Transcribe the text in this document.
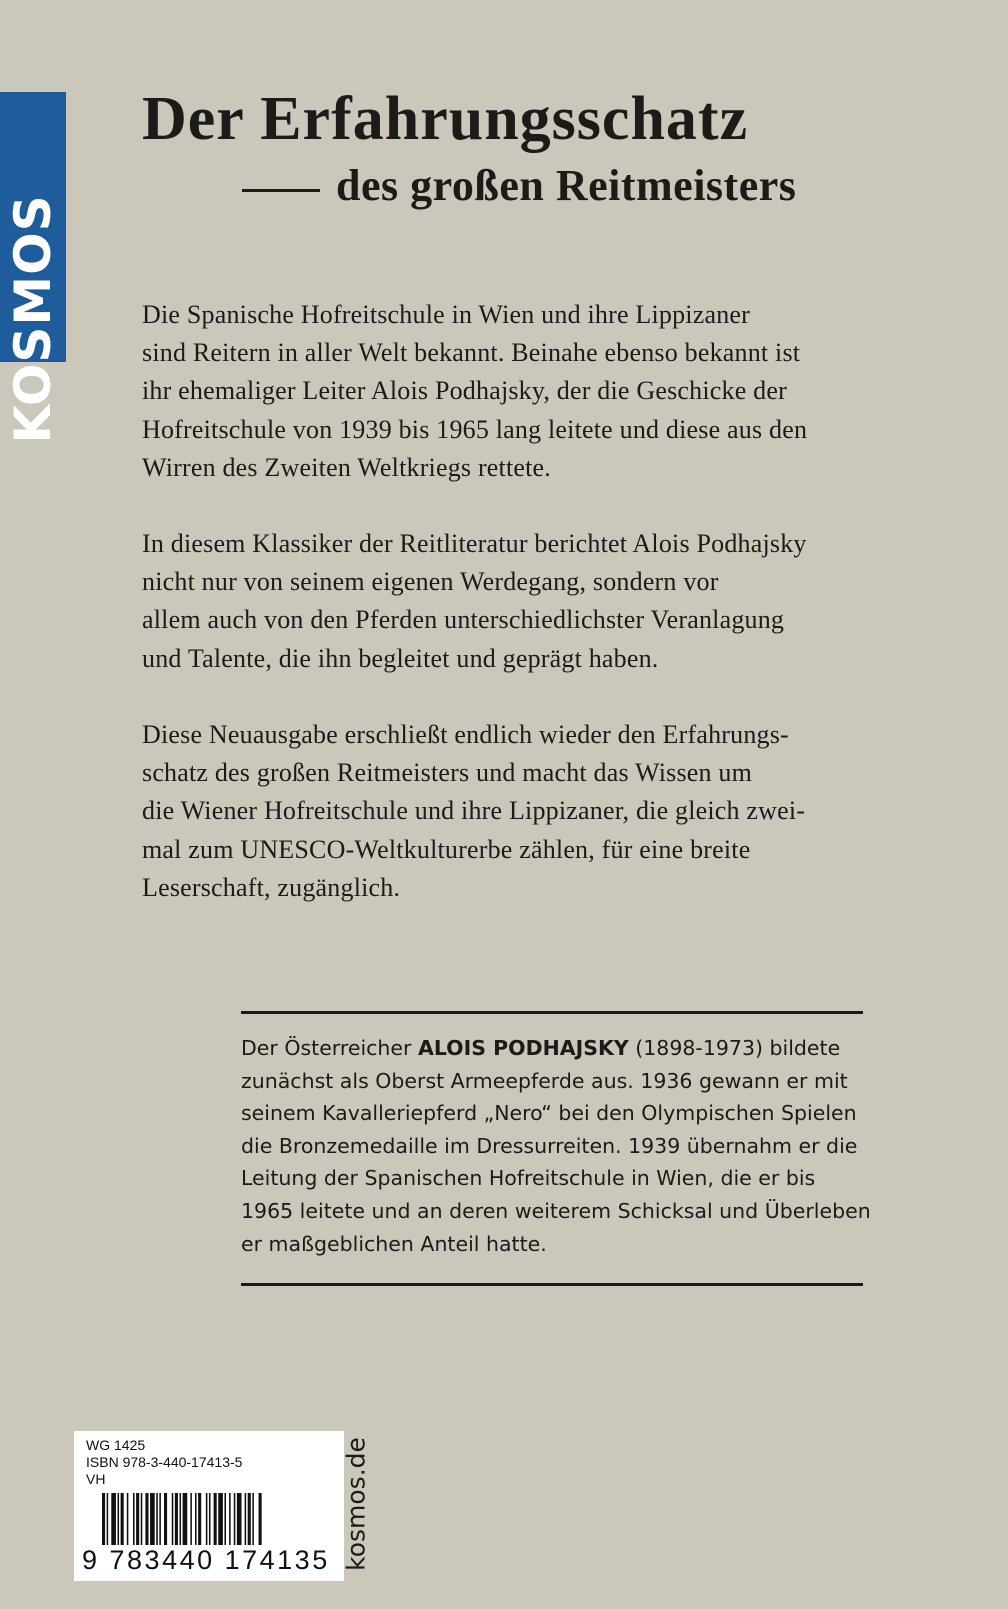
KOSMOS
Der Erfahrungsschatz
des großen Reitmeisters
Die Spanische Hofreitschule in Wien und ihre Lippizaner
sind Reitern in aller Welt bekannt. Beinahe ebenso bekannt ist
ihr ehemaliger Leiter Alois Podhajsky, der die Geschicke der
Hofreitschule von 1939 bis 1965 lang leitete und diese aus den
Wirren des Zweiten Weltkriegs rettete.
In diesem Klassiker der Reitliteratur berichtet Alois Podhajsky
nicht nur von seinem eigenen Werdegang, sondern vor
allem auch von den Pferden unterschiedlichster Veranlagung
und Talente, die ihn begleitet und geprägt haben.
Diese Neuausgabe erschließt endlich wieder den Erfahrungs-
schatz des großen Reitmeisters und macht das Wissen um
die Wiener Hofreitschule und ihre Lippizaner, die gleich zwei-
mal zum UNESCO-Weltkulturerbe zählen, für eine breite
Leserschaft, zugänglich.
Der Österreicher ALOIS PODHAJSKY (1898-1973) bildete
zunächst als Oberst Armeepferde aus. 1936 gewann er mit
seinem Kavalleriepferd „Nero“ bei den Olympischen Spielen
die Bronzemedaille im Dressurreiten. 1939 übernahm er die
Leitung der Spanischen Hofreitschule in Wien, die er bis
1965 leitete und an deren weiterem Schicksal und Überleben
er maßgeblichen Anteil hatte.
WG 1425
ISBN 978-3-440-17413-5
VH
9 783440 174135 kosmos.de
